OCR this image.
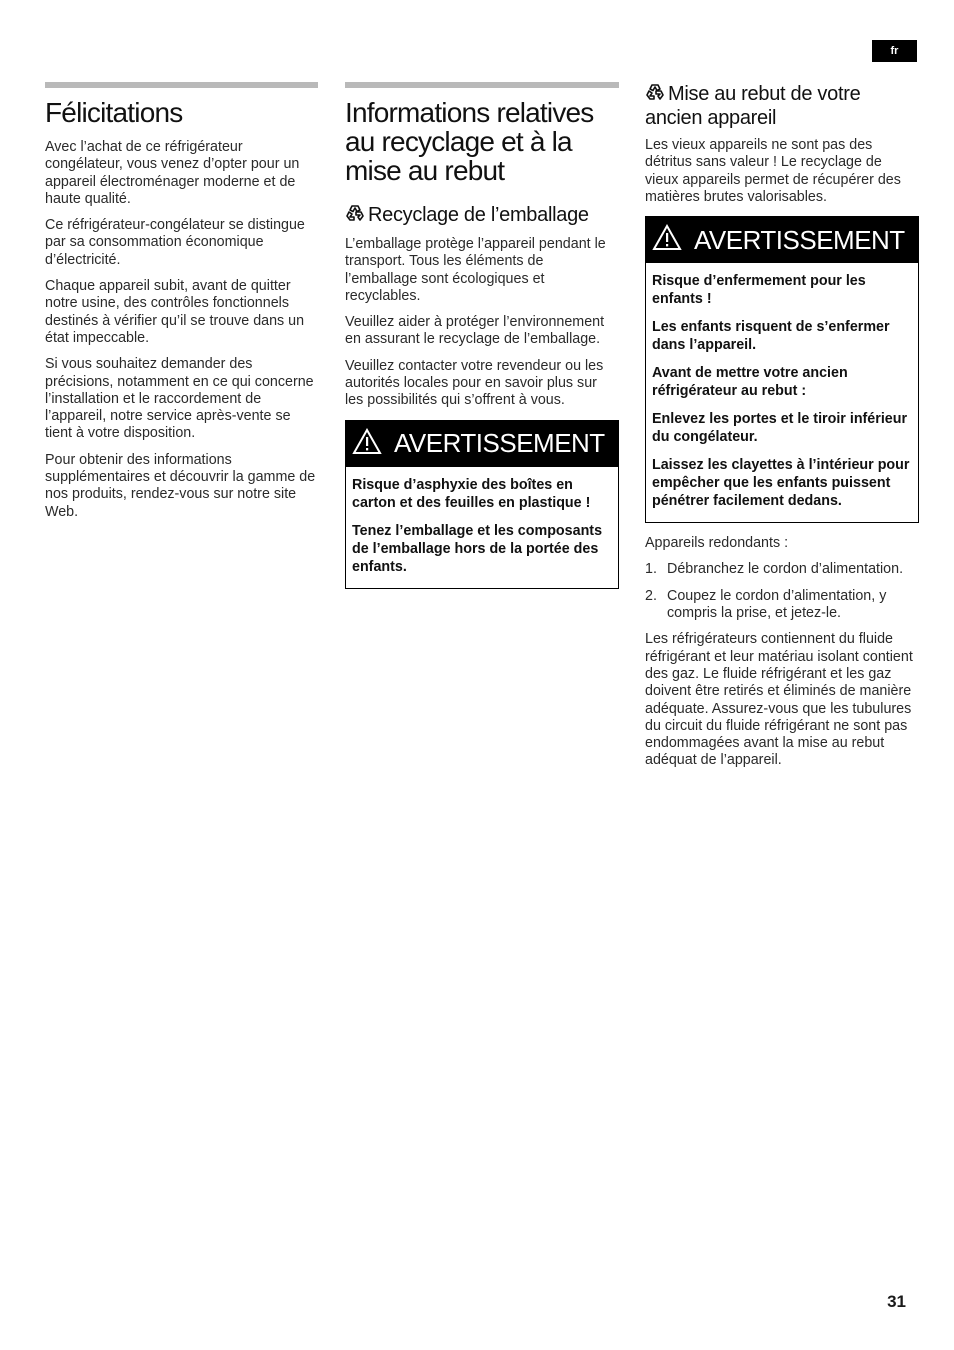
fr
Félicitations

Avec l’achat de ce réfrigérateur congélateur, vous venez d’opter pour un appareil électroménager moderne et de haute qualité.

Ce réfrigérateur-congélateur se distingue par sa consommation économique d’électricité.

Chaque appareil subit, avant de quitter notre usine, des contrôles fonctionnels destinés à vérifier qu’il se trouve dans un état impeccable.

Si vous souhaitez demander des précisions, notamment en ce qui concerne l’installation et le raccordement de l’appareil, notre service après-vente se tient à votre disposition.

Pour obtenir des informations supplémentaires et découvrir la gamme de nos produits, rendez-vous sur notre site Web.

Informations relatives au recyclage et à la mise au rebut
Recyclage de l’emballage

L’emballage protège l’appareil pendant le transport. Tous les éléments de l’emballage sont écologiques et recyclables.

Veuillez aider à protéger l’environnement en assurant le recyclage de l’emballage.

Veuillez contacter votre revendeur ou les autorités locales pour en savoir plus sur les possibilités qui s’offrent à vous.

AVERTISSEMENT

Risque d’asphyxie des boîtes en carton et des feuilles en plastique !

Tenez l’emballage et les composants de l’emballage hors de la portée des enfants.

Mise au rebut de votre ancien appareil

Les vieux appareils ne sont pas des détritus sans valeur ! Le recyclage de vieux appareils permet de récupérer des matières brutes valorisables.

AVERTISSEMENT

Risque d’enfermement pour les enfants !

Les enfants risquent de s’enfermer dans l’appareil.

Avant de mettre votre ancien réfrigérateur au rebut :

Enlevez les portes et le tiroir inférieur du congélateur.

Laissez les clayettes à l’intérieur pour empêcher que les enfants puissent pénétrer facilement dedans.

Appareils redondants :

1. Débranchez le cordon d’alimentation.
2. Coupez le cordon d’alimentation, y compris la prise, et jetez-le.

Les réfrigérateurs contiennent du fluide réfrigérant et leur matériau isolant contient des gaz. Le fluide réfrigérant et les gaz doivent être retirés et éliminés de manière adéquate. Assurez-vous que les tubulures du circuit du fluide réfrigérant ne sont pas endommagées avant la mise au rebut adéquat de l’appareil.

31
